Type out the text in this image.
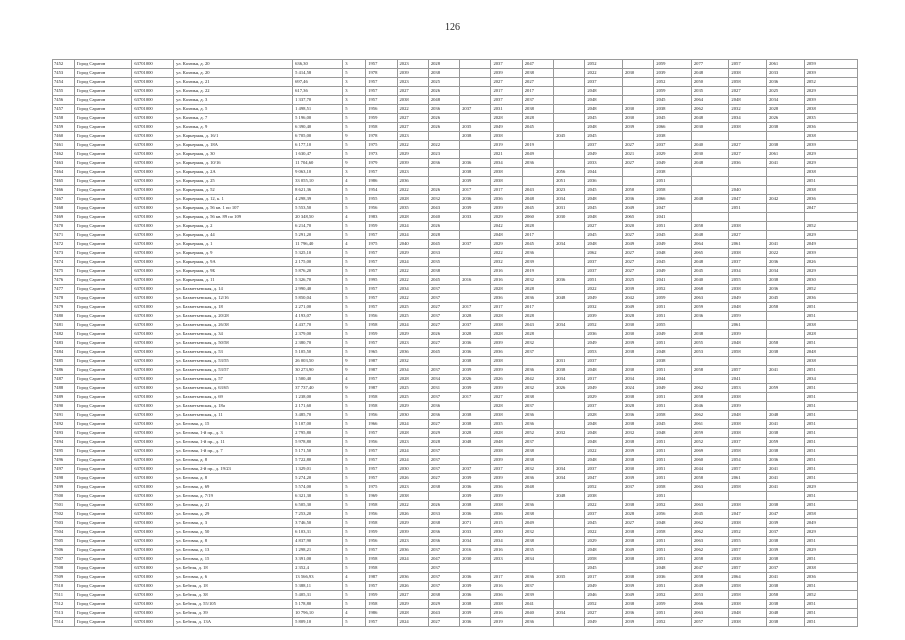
126
7452	Город Саратов	63701000	ул. Казачья, д. 20	636,30	3	1957	2023	2028		2037	2047		2052		2059	2077	2057	2061	2059
7453	Город Саратов	63701000	ул. Казачья, д. 20	5 414,58	5	1978	2039	2038		2039	2038		2022	2030	2039	2048	2038	2033	2039
7454	Город Саратов	63701000	ул. Казачья, д. 21	697,46	3	1957	2023	2025		2027	2027		2037		2052	2050	2058	2036	2052
7455	Город Саратов	63701000	ул. Казачья, д. 22	617,36	3	1957	2027	2026		2017	2017		2048		2059	2035	2027	2025	2029
7456	Город Саратов	63701000	ул. Казачья, д. 3	1 337,70	3	1957	2038	2048		2037	2037		2048		2045	2064	2048	2034	2039
7457	Город Саратов	63701000	ул. Казачья, д. 5	1 498,51	5	1956	2022	2036	2037	2031	2038		2048	2030	2038	2062	2032	2028	2038
7458	Город Саратов	63701000	ул. Казачья, д. 7	5 196,00	5	1959	2027	2026		2028	2028		2045	2030	2045	2048	2034	2026	2035
7459	Город Саратов	63701000	ул. Казачья, д. 9	6 390,40	5	1958	2027	2026	2035	2049	2045		2048	2039	2066	2030	2038	2038	2036
7460	Город Саратов	63701000	ул. Карьерная, д. 16/1	6 705,00	9	1978	2023		2038	2038		2045	2045		2038				2038
7461	Город Саратов	63701000	ул. Карьерная, д. 18А	6 177,10	5	1975	2022	2022		2019	2019		2037	2027	2037	2040	2027	2038	2039
7462	Город Саратов	63701000	ул. Карьерная, д. 30	1 630,47	5	1973	2029	2023		2021	2049		2049	2021	2029	2030	2027	2061	2029
7463	Город Саратов	63701000	ул. Карьерная, д. 10/16	11 704,60	9	1979	2039	2036	2036	2034	2036		2033	2027	2049	2048	2036	2041	2029
7464	Город Саратов	63701000	ул. Карьерная, д. 2А	9 063,10	3	1957	2023		2038	2038		2056	2044		2038				2038
7465	Город Саратов	63701000	ул. Карьерная, д. 25	33 055,10	4	1986	2036		2039	2038		2051	2036		2051				2051
7466	Город Саратов	63701000	ул. Карьерная, д. 52	8 621,36	5	1954	2022	2026	2017	2017	2043	2023	2045	2050	2058		2040		2038
7467	Город Саратов	63701000	ул. Карьерная, д. 12, к. 1	4 298,39	5	1955	2028	2032	2036	2036	2048	2034	2048	2036	2066	2048	2047	2042	2036
7468	Город Саратов	63701000	ул. Карьерная, д. 56 кв. 1 по 107	5 553,50	5	1956	2035	2043	2039	2039	2045	2031	2045	2049	2047		2051		2047
7469	Город Саратов	63701000	ул. Карьерная, д. 56 кв. 89 по 109	20 348,50	4	1983	2028	2040	2033	2029	2060	2030	2048	2065	2041				
7470	Город Саратов	63701000	ул. Карьерная, д. 2	6 214,70	5	1959	2024	2026		2042	2028		2027	2020	2051	2058	2038		2052
7471	Город Саратов	63701000	ул. Карьерная, д. 44	5 291,20	5	1957	2024	2028		2048	2017		2045	2027	2045	2048	2027		2029
7472	Город Саратов	63701000	ул. Карьерная, д. 1	11 796,40	4	1975	2040	2045	2037	2029	2045	2034	2048	2049	2049	2064	2061	2041	2049
7473	Город Саратов	63701000	ул. Карьерная, д. 9	5 325,10	5	1957	2029	2033		2022	2036		2062	2027	2048	2065	2038	2022	2039
7474	Город Саратов	63701000	ул. Карьерная, д. 9А	2 175,00	5	1957	2024	2035		2032	2039		2037	2027	2045	2048	2037	2036	2026
7475	Город Саратов	63701000	ул. Карьерная, д. 9Б	5 876,20	5	1957	2022	2038		2016	2019		2037	2027	2049	2045	2034	2034	2029
7476	Город Саратов	63701000	ул. Карьерная, д. 11	5 326,70	5	1995	2022	2045	2016	2016	2032	2036	2051	2025	2041	2040	2055	2038	2030
7477	Город Саратов	63701000	ул. Бахметьевская, д. 14	2 990,40	5	1957	2034	2037		2028	2028		2022	2039	2052	2068	2038	2036	2052
7478	Город Саратов	63701000	ул. Бахметьевская, д. 12/16	5 850,04	5	1957	2022	2037		2036	2036	2048	2049	2042	2059	2063	2049	2045	2036
7479	Город Саратов	63701000	ул. Бахметьевская, д. 18	2 271,00	5	1957	2025	2027	2017	2017	2017		2032	2049	2051	2059	2048	2058	2051
7480	Город Саратов	63701000	ул. Бахметьевская, д. 20/28	4 193,07	5	1956	2025	2037	2028	2028	2028		2039	2028	2051	2036	2059		2051
7481	Город Саратов	63701000	ул. Бахметьевская, д. 26/38	4 437,70	5	1958	2024	2027	2037	2038	2043	2034	2052	2030	2055		2061		2038
7482	Город Саратов	63701000	ул. Бахметьевская, д. 34	2 379,00	5	1959	2029	2026	2028	2028	2028		2036	2030	2049	2038	2039		2028
7483	Город Саратов	63701000	ул. Бахметьевская, д. 50/58	2 380,70	5	1957	2023	2027	2036	2039	2032		2049	2039	2051	2055	2048	2058	2051
7484	Город Саратов	63701000	ул. Бахметьевская, д. 53	5 105,50	5	1965	2036	2045	2036	2036	2037		2053	2038	2048	2053	2058	2038	2048
7485	Город Саратов	63701000	ул. Бахметьевская, д. 53/55	26 003,50	9	1987	2032		2038	2038		2031	2037		2038				2038
7486	Город Саратов	63701000	ул. Бахметьевская, д. 53/57	30 273,90	9	1987	2034	2037	2039	2039	2036	2038	2048	2030	2051	2058	2057	2041	2051
7487	Город Саратов	63701000	ул. Бахметьевская, д. 57	1 500,40	4	1957	2028	2034	2026	2026	2042	2034	2017	2034	2044		2041		2034
7488	Город Саратов	63701000	ул. Бахметьевская, д. 63/65	37 737,40	9	1987	2025	2031	2039	2039	2032	2026	2049	2024	2049	2062	2053	2059	2051
7489	Город Саратов	63701000	ул. Бахметьевская, д. 69	1 238,00	5	1958	2025	2037	2017	2027	2038		2029	2038	2051	2058	2038		2051
7490	Город Саратов	63701000	ул. Бахметьевская, д. 18а	2 171,60	5	1958	2029	2036		2028	2037		2037	2028	2051	2046	2039		2051
7491	Город Саратов	63701000	ул. Бахметьевская, д. 11	3 485,70	5	1956	2030	2036	2038	2038	2036		2028	2036	2058	2062	2048	2048	2051
7492	Город Саратов	63701000	ул. Беговая, д. 15	5 107,00	5	1966	2024	2027	2038	2035	2036		2048	2038	2045	2061	2038	2041	2051
7493	Город Саратов	63701000	ул. Беговая, 1-й пр., д. 3	2 795,80	5	1957	2028	2029	2028	2028	2052	2032	2048	2032	2048	2059	2038	2038	2051
7494	Город Саратов	63701000	ул. Беговая, 1-й пр., д. 11	5 978,80	5	1956	2023	2028	2048	2048	2037		2048	2038	2051	2052	2037	2059	2051
7495	Город Саратов	63701000	ул. Беговая, 1-й пр., д. 7	5 171,50	5	1957	2024	2037		2038	2038		2022	2039	2051	2069	2058	2038	2051
7496	Город Саратов	63701000	ул. Беговая, д. 8	5 722,80	5	1957	2024	2037		2039	2038		2048	2038	2051	2060	2054	2036	2051
7497	Город Саратов	63701000	ул. Беговая, 2-й пр., д. 19/23	1 329,01	5	1957	2030	2037	2037	2037	2032	2034	2037	2030	2051	2044	2057	2041	2051
7498	Город Саратов	63701000	ул. Беговая, д. 8	5 274,20	5	1957	2026	2027	2039	2039	2036	2034	2047	2039	2051	2058	2061	2041	2051
7499	Город Саратов	63701000	ул. Беговая, д. 69	5 574,00	5	1975	2023	2038	2036	2036	2048		2052	2037	2058	2063	2058	2041	2029
7500	Город Саратов	63701000	ул. Беговая, д. 7/19	6 321,30	5	1969	2038		2039	2039		2048	2038		2051				2051
7501	Город Саратов	63701000	ул. Беговая, д. 21	6 505,30	5	1958	2022	2026	2038	2038	2036		2022	2038	2052	2063	2038	2038	2051
7502	Город Саратов	63701000	ул. Беговая, д. 29	7 253,20	5	1956	2026	2033	2036	2036	2038		2037	2028	2056	2045	2047	2047	2058
7503	Город Саратов	63701000	ул. Беговая, д. 3	3 746,50	5	1958	2029	2038	2071	2015	2049		2045	2027	2048	2062	2038	2039	2049
7504	Город Саратов	63701000	ул. Беговая, д. 50	6 103,31	5	1959	2039	2036	2033	2030	2032		2022	2038	2058	2062	2052	2037	2029
7505	Город Саратов	63701000	ул. Беговая, д. 8	4 837,90	5	1956	2023	2036	2034	2034	2038		2029	2038	2051	2063	2055	2038	2051
7506	Город Саратов	63701000	ул. Беговая, д. 13	1 298,21	5	1957	2036	2037	2016	2016	2035		2048	2049	2051	2062	2057	2039	2029
7507	Город Саратов	63701000	ул. Беговая, д. 15	3 391,00	5	1958	2024	2047	2030	2033	2034		2058	2038	2051	2058	2038	2038	2051
7508	Город Саратов	63701000	ул. Бебеля, д. 18	2 352,4	5	1958		2037					2045		2048	2047	2057	2037	2038
7509	Город Саратов	63701000	ул. Беговая, д. 6	13 566,93	4	1987	2036	2037	2036	2017	2036	2035	2017	2038	2036	2058	2064	2041	2036
7510	Город Саратов	63701000	ул. Бебеля, д. 18	5 388,11	5	1957	2026	2037	2039	2016	2037		2049	2039	2051	2049	2058	2038	2051
7511	Город Саратов	63701000	ул. Бебеля, д. 38	5 405,31	5	1959	2027	2038	2036	2036	2039		2046	2049	2052	2053	2058	2058	2052
7512	Город Саратов	63701000	ул. Бебеля, д. 55/105	5 178,80	5	1958	2029	2029	2038	2038	2041		2052	2038	2059	2066	2038	2038	2051
7513	Город Саратов	63701000	ул. Бебеля, д. 39	10 796,10	4	1986	2028	2043	2039	2016	2040	2034	2027	2036	2051	2063	2048	2048	2051
7514	Город Саратов	63701000	ул. Бебеля, д. 13А	5 809,10	5	1957	2024	2027	2036	2019	2036		2049	2039	2052	2057	2038	2038	2051
